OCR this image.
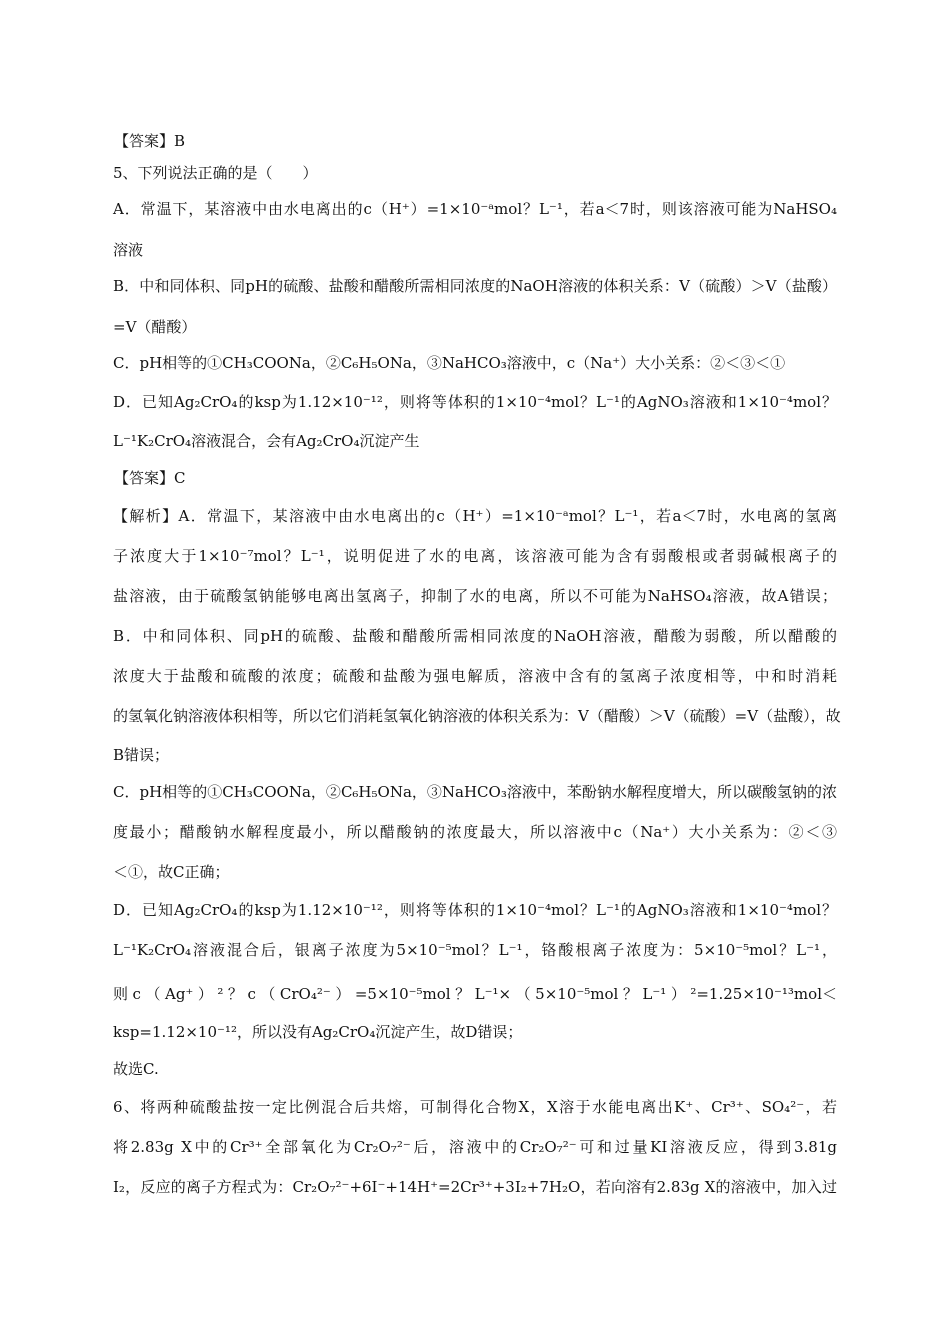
【答案】B
5、下列说法正确的是（　　）
A．常温下，某溶液中由水电离出的c（H⁺）=1×10⁻ᵃmol？L⁻¹，若a＜7时，则该溶液可能为NaHSO₄
溶液
B．中和同体积、同pH的硫酸、盐酸和醋酸所需相同浓度的NaOH溶液的体积关系：V（硫酸）＞V（盐酸）
=V（醋酸）
C．pH相等的①CH₃COONa，②C₆H₅ONa，③NaHCO₃溶液中，c（Na⁺）大小关系：②＜③＜①
D．已知Ag₂CrO₄的ksp为1.12×10⁻¹²，则将等体积的1×10⁻⁴mol？L⁻¹的AgNO₃溶液和1×10⁻⁴mol？
L⁻¹K₂CrO₄溶液混合，会有Ag₂CrO₄沉淀产生
【答案】C
【解析】A．常温下，某溶液中由水电离出的c（H⁺）=1×10⁻ᵃmol？L⁻¹，若a＜7时，水电离的氢离
子浓度大于1×10⁻⁷mol？L⁻¹，说明促进了水的电离，该溶液可能为含有弱酸根或者弱碱根离子的
盐溶液，由于硫酸氢钠能够电离出氢离子，抑制了水的电离，所以不可能为NaHSO₄溶液，故A错误；
B．中和同体积、同pH的硫酸、盐酸和醋酸所需相同浓度的NaOH溶液，醋酸为弱酸，所以醋酸的
浓度大于盐酸和硫酸的浓度；硫酸和盐酸为强电解质，溶液中含有的氢离子浓度相等，中和时消耗
的氢氧化钠溶液体积相等，所以它们消耗氢氧化钠溶液的体积关系为：V（醋酸）＞V（硫酸）=V（盐酸），故
B错误；
C．pH相等的①CH₃COONa，②C₆H₅ONa，③NaHCO₃溶液中，苯酚钠水解程度增大，所以碳酸氢钠的浓
度最小；醋酸钠水解程度最小，所以醋酸钠的浓度最大，所以溶液中c（Na⁺）大小关系为：②＜③
＜①，故C正确；
D．已知Ag₂CrO₄的ksp为1.12×10⁻¹²，则将等体积的1×10⁻⁴mol？L⁻¹的AgNO₃溶液和1×10⁻⁴mol？
L⁻¹K₂CrO₄溶液混合后，银离子浓度为5×10⁻⁵mol？L⁻¹，铬酸根离子浓度为：5×10⁻⁵mol？L⁻¹，
则c（Ag⁺）²？c（CrO₄²⁻）=5×10⁻⁵mol？L⁻¹×（5×10⁻⁵mol？L⁻¹）²=1.25×10⁻¹³mol＜
ksp=1.12×10⁻¹²，所以没有Ag₂CrO₄沉淀产生，故D错误；
故选C.
6、将两种硫酸盐按一定比例混合后共熔，可制得化合物X，X溶于水能电离出K⁺、Cr³⁺、SO₄²⁻，若
将2.83g X中的Cr³⁺全部氧化为Cr₂O₇²⁻后，溶液中的Cr₂O₇²⁻可和过量KI溶液反应，得到3.81g
I₂，反应的离子方程式为：Cr₂O₇²⁻+6I⁻+14H⁺=2Cr³⁺+3I₂+7H₂O，若向溶有2.83g X的溶液中，加入过
